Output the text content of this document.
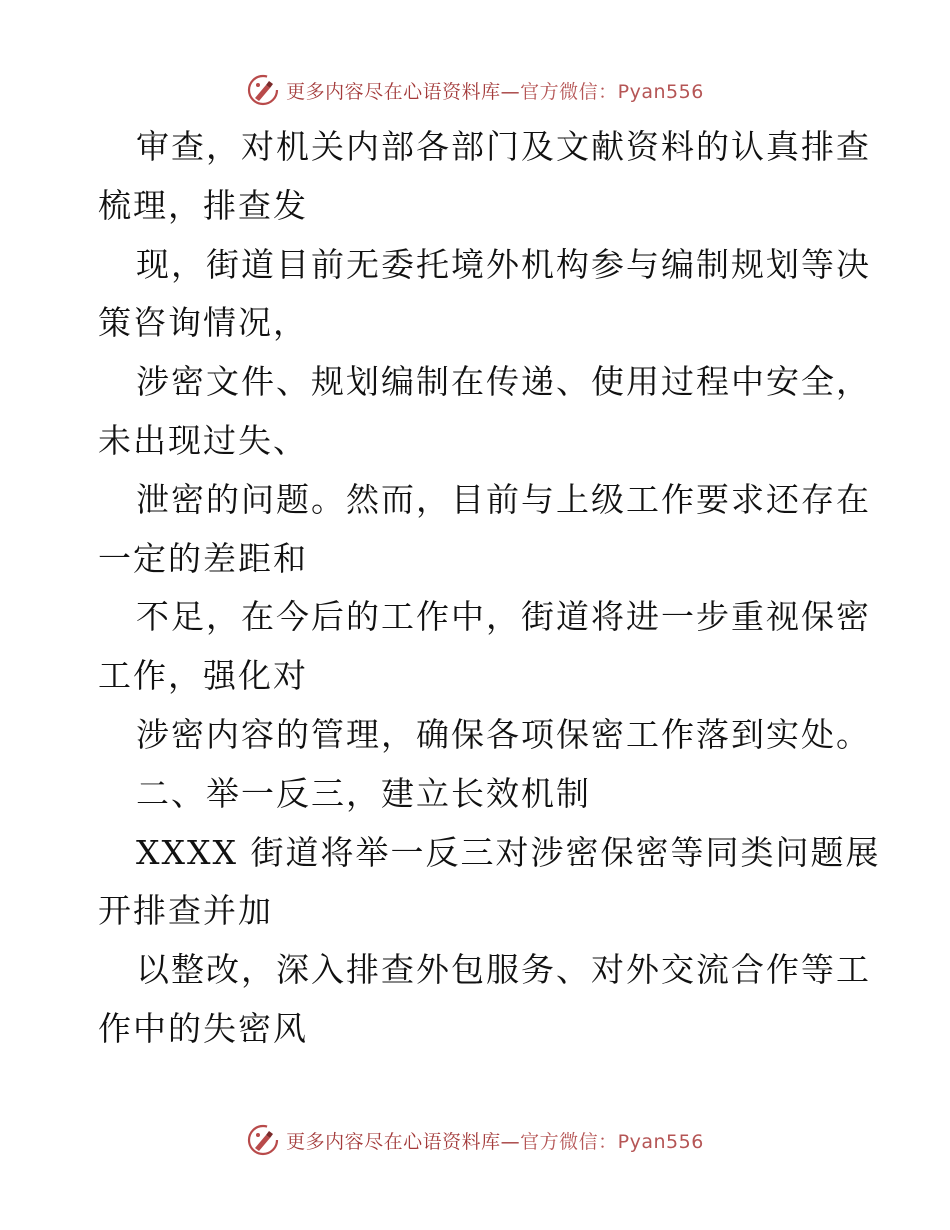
更多内容尽在心语资料库—官方微信：Pyan556
审查，对机关内部各部门及文献资料的认真排查
梳理，排查发
现，街道目前无委托境外机构参与编制规划等决
策咨询情况，
涉密文件、规划编制在传递、使用过程中安全，
未出现过失、
泄密的问题。然而，目前与上级工作要求还存在
一定的差距和
不足，在今后的工作中，街道将进一步重视保密
工作，强化对
涉密内容的管理，确保各项保密工作落到实处。
二、举一反三，建立长效机制
XXXX 街道将举一反三对涉密保密等同类问题展
开排查并加
以整改，深入排查外包服务、对外交流合作等工
作中的失密风
更多内容尽在心语资料库—官方微信：Pyan556
